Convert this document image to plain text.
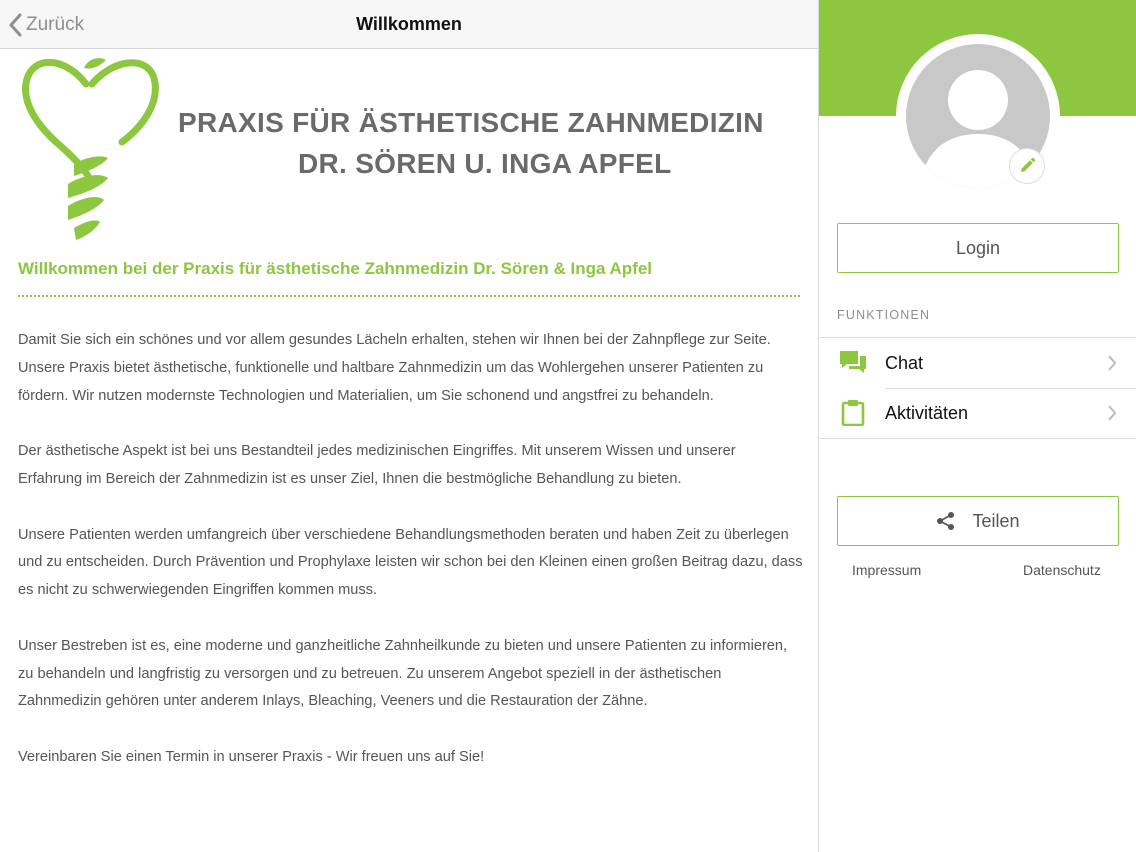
Zurück	Willkommen
PRAXIS FÜR ÄSTHETISCHE ZAHNMEDIZIN
DR. SÖREN U. INGA APFEL
Willkommen bei der Praxis für ästhetische Zahnmedizin Dr. Sören & Inga Apfel

Damit Sie sich ein schönes und vor allem gesundes Lächeln erhalten, stehen wir Ihnen bei der Zahnpflege zur Seite. Unsere Praxis bietet ästhetische, funktionelle und haltbare Zahnmedizin um das Wohlergehen unserer Patienten zu fördern. Wir nutzen modernste Technologien und Materialien, um Sie schonend und angstfrei zu behandeln.

Der ästhetische Aspekt ist bei uns Bestandteil jedes medizinischen Eingriffes. Mit unserem Wissen und unserer Erfahrung im Bereich der Zahnmedizin ist es unser Ziel, Ihnen die bestmögliche Behandlung zu bieten.

Unsere Patienten werden umfangreich über verschiedene Behandlungsmethoden beraten und haben Zeit zu überlegen und zu entscheiden. Durch Prävention und Prophylaxe leisten wir schon bei den Kleinen einen großen Beitrag dazu, dass es nicht zu schwerwiegenden Eingriffen kommen muss.

Unser Bestreben ist es, eine moderne und ganzheitliche Zahnheilkunde zu bieten und unsere Patienten zu informieren, zu behandeln und langfristig zu versorgen und zu betreuen. Zu unserem Angebot speziell in der ästhetischen Zahnmedizin gehören unter anderem Inlays, Bleaching, Veeners und die Restauration der Zähne.

Vereinbaren Sie einen Termin in unserer Praxis - Wir freuen uns auf Sie!

Login
FUNKTIONEN
Chat
Aktivitäten
Teilen
Impressum	Datenschutz
